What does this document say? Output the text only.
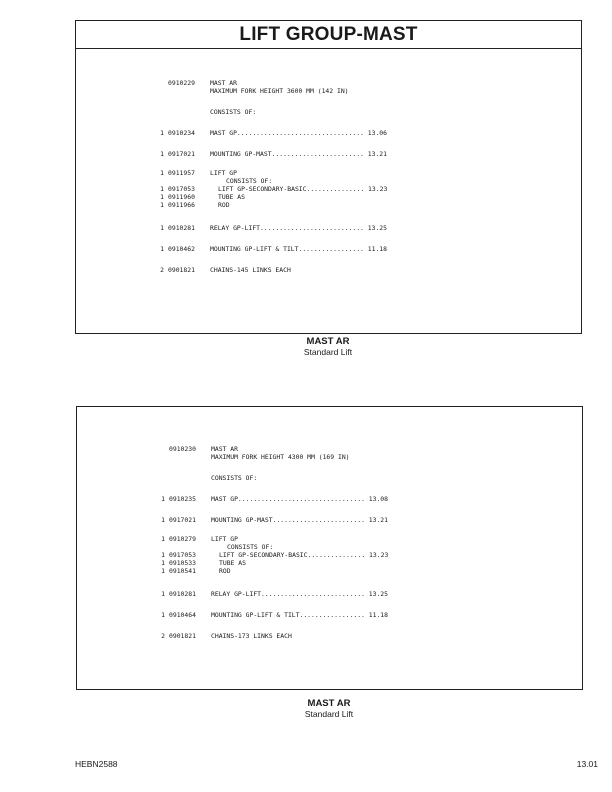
LIFT GROUP-MAST
0910229 MAST AR
MAXIMUM FORK HEIGHT 3600 MM (142 IN)
CONSISTS OF:
1 0910234 MAST GP................................. 13.06
1 0917021 MOUNTING GP-MAST........................ 13.21
1 0911957 LIFT GP
CONSISTS OF:
1 0917053	LIFT GP-SECONDARY-BASIC............... 13.23
1 0911960	TUBE AS
1 0911966	ROD
1 0910281 RELAY GP-LIFT........................... 13.25
1 0910462 MOUNTING GP-LIFT & TILT................. 11.18
2 0901821 CHAINS-145 LINKS EACH
MAST AR
Standard Lift
0910230 MAST AR
MAXIMUM FORK HEIGHT 4300 MM (169 IN)
CONSISTS OF:
1 0910235 MAST GP................................. 13.08
1 0917021 MOUNTING GP-MAST........................ 13.21
1 0910279 LIFT GP
CONSISTS OF:
1 0917053	LIFT GP-SECONDARY-BASIC............... 13.23
1 0910533	TUBE AS
1 0910541	ROD
1 0910281 RELAY GP-LIFT........................... 13.25
1 0910464 MOUNTING GP-LIFT & TILT................. 11.18
2 0901821 CHAINS-173 LINKS EACH
MAST AR
Standard Lift
HEBN2588	13.01
